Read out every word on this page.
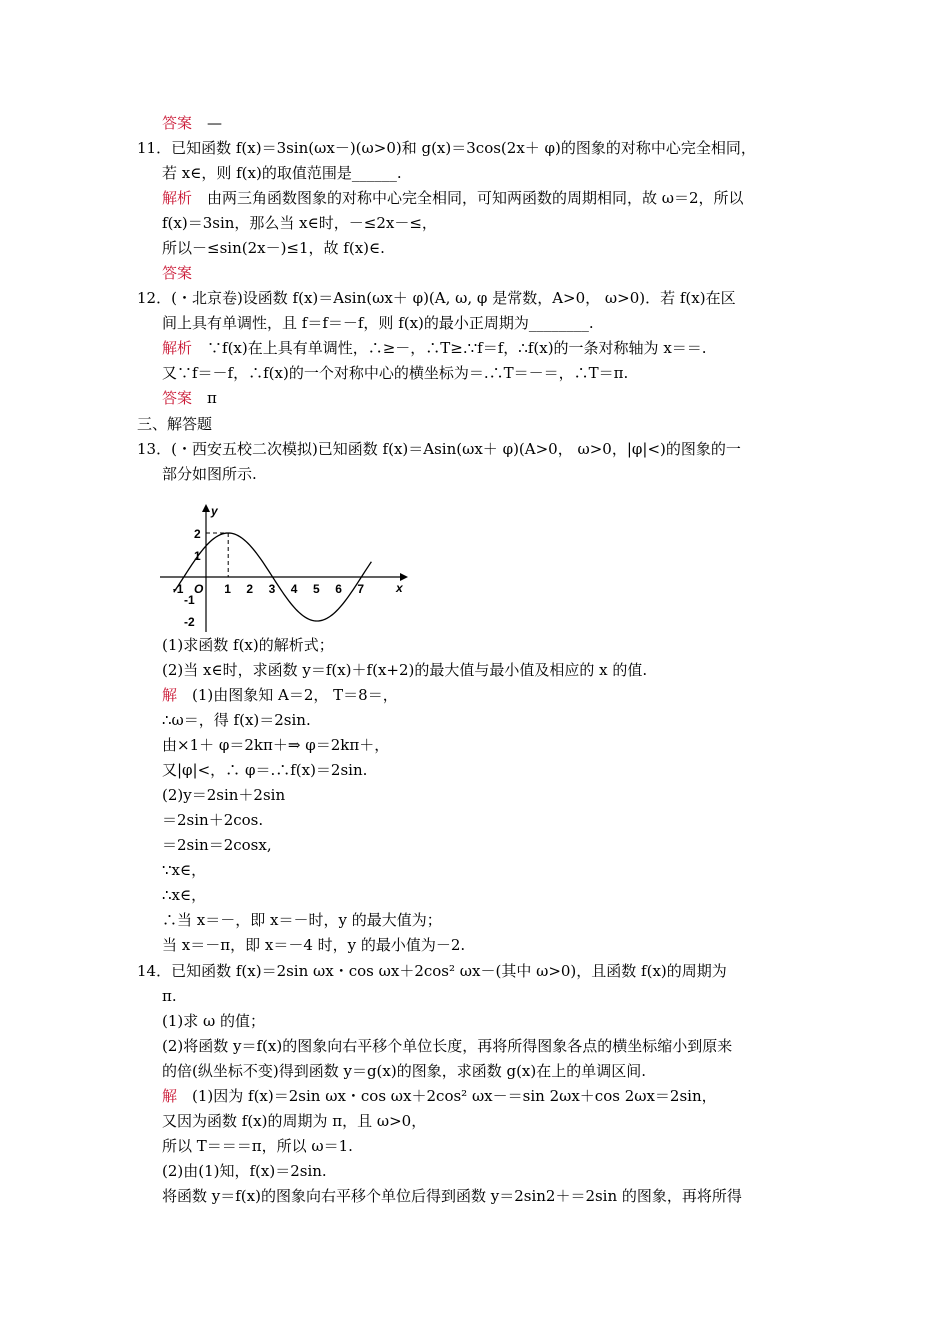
答案  —
11．已知函数 f(x)＝3sin(ωx－)(ω>0)和 g(x)＝3cos(2x＋ φ)的图象的对称中心完全相同，
若 x∈，则 f(x)的取值范围是______.
解析  由两三角函数图象的对称中心完全相同，可知两函数的周期相同，故 ω＝2，所以
f(x)＝3sin，那么当 x∈时，－≤2x－≤，
所以－≤sin(2x－)≤1，故 f(x)∈.
答案 
12．(・北京卷)设函数 f(x)＝Asin(ωx＋ φ)(A, ω, φ 是常数，A>0， ω>0)．若 f(x)在区
间上具有单调性，且 f＝f＝－f，则 f(x)的最小正周期为________.
解析  ∵f(x)在上具有单调性，∴≥－，∴T≥.∵f＝f，∴f(x)的一条对称轴为 x＝＝.
又∵f＝－f，∴f(x)的一个对称中心的横坐标为＝.∴T＝－＝，∴T＝π.
答案  π
三、解答题
13．(・西安五校二次模拟)已知函数 f(x)＝Asin(ωx＋ φ)(A>0， ω>0，|φ|<)的图象的一
部分如图所示.
(1)求函数 f(x)的解析式；
(2)当 x∈时，求函数 y＝f(x)＋f(x+2)的最大值与最小值及相应的 x 的值.
解  (1)由图象知 A＝2， T＝8＝，
∴ω＝，得 f(x)＝2sin.
由×1＋ φ＝2kπ＋⇒ φ＝2kπ＋，
又|φ|<，∴ φ＝.∴f(x)＝2sin.
(2)y＝2sin＋2sin
＝2sin＋2cos.
＝2sin＝2cosx,
∵x∈，
∴x∈，
∴当 x＝－，即 x＝－时，y 的最大值为；
当 x＝－π，即 x＝－4 时，y 的最小值为－2.
14．已知函数 f(x)＝2sin ωx・cos ωx＋2cos² ωx－(其中 ω>0)，且函数 f(x)的周期为
π.
(1)求 ω 的值；
(2)将函数 y＝f(x)的图象向右平移个单位长度，再将所得图象各点的横坐标缩小到原来
的倍(纵坐标不变)得到函数 y＝g(x)的图象，求函数 g(x)在上的单调区间.
解  (1)因为 f(x)＝2sin ωx・cos ωx＋2cos² ωx－＝sin 2ωx＋cos 2ωx＝2sin，
又因为函数 f(x)的周期为 π，且 ω>0，
所以 T＝＝＝π，所以 ω＝1.
(2)由(1)知，f(x)＝2sin.
将函数 y＝f(x)的图象向右平移个单位后得到函数 y＝2sin2＋＝2sin 的图象，再将所得
y
x
O
-1	1 2 3 4 5 6 7
2
1
-1
-2
